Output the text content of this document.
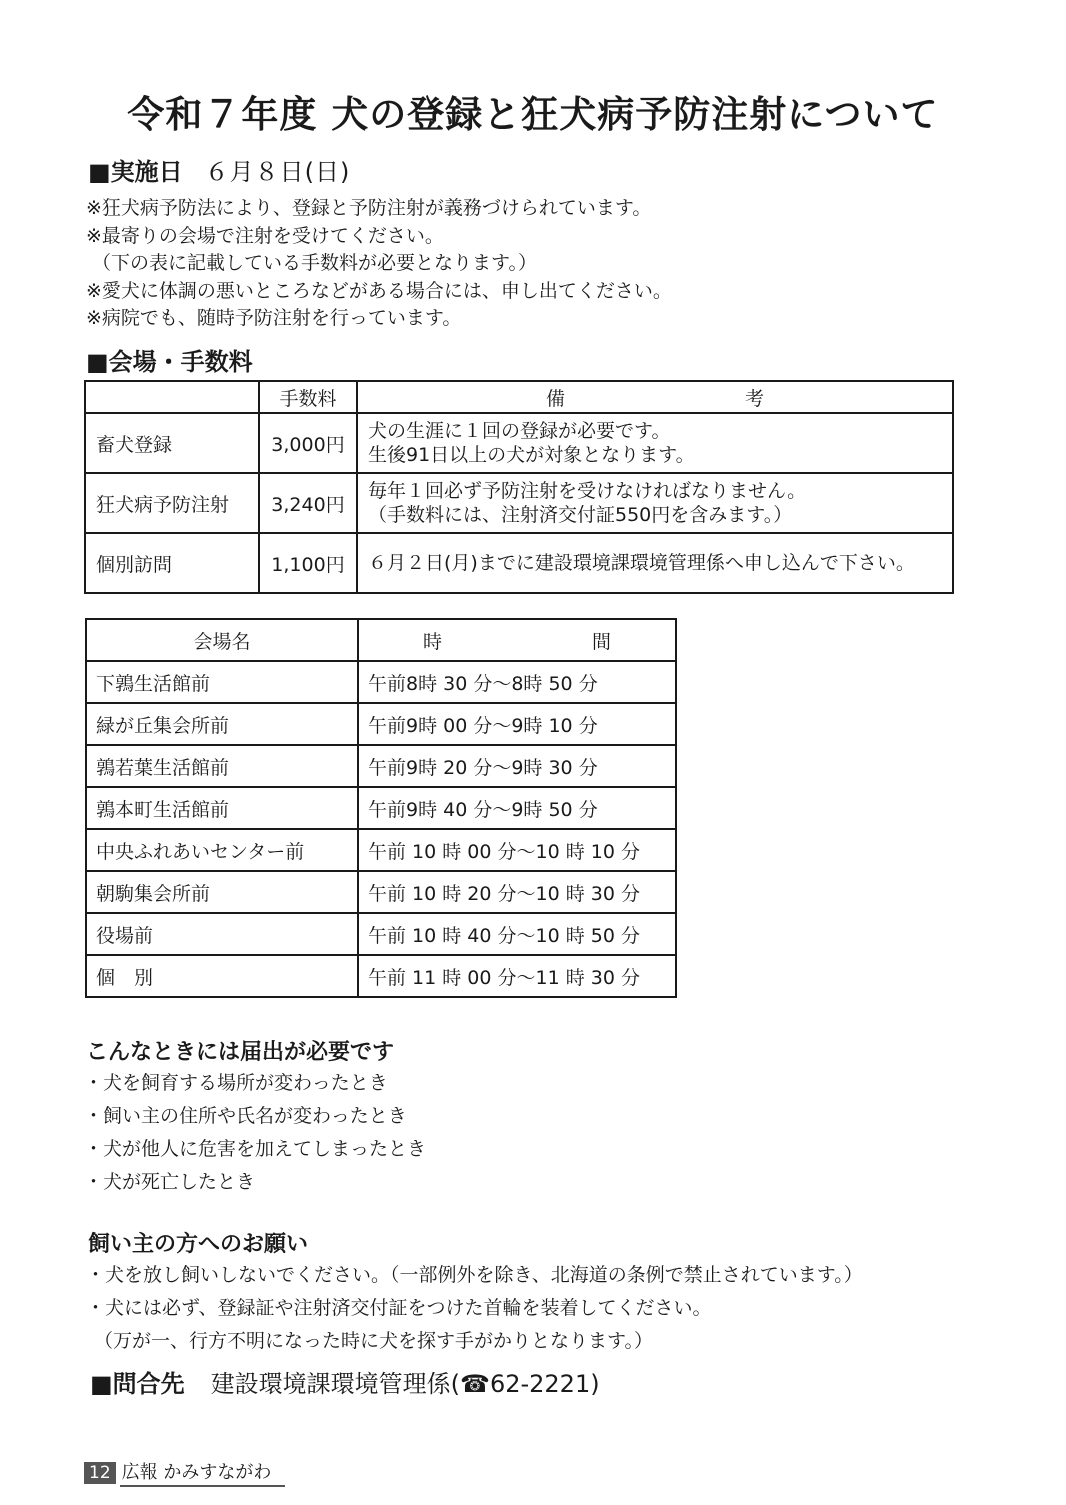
令和７年度 犬の登録と狂犬病予防注射について
■実施日 ６月８日(日)
※狂犬病予防法により、登録と予防注射が義務づけられています。
※最寄りの会場で注射を受けてください。
（下の表に記載している手数料が必要となります。）
※愛犬に体調の悪いところなどがある場合には、申し出てください。
※病院でも、随時予防注射を行っています。
■会場・手数料
	手数料	備 考
畜犬登録	3,000円	犬の生涯に１回の登録が必要です。
生後91日以上の犬が対象となります。

狂犬病予防注射	3,240円	毎年１回必ず予防注射を受けなければなりません。
（手数料には、注射済交付証550円を含みます。）

個別訪問	1,100円	６月２日(月)までに建設環境課環境管理係へ申し込んで下さい。
会場名	時 間
下鶉生活館前	午前8時 30 分～8時 50 分
緑が丘集会所前	午前9時 00 分～9時 10 分
鶉若葉生活館前	午前9時 20 分～9時 30 分
鶉本町生活館前	午前9時 40 分～9時 50 分
中央ふれあいセンター前	午前 10 時 00 分～10 時 10 分
朝駒集会所前	午前 10 時 20 分～10 時 30 分
役場前	午前 10 時 40 分～10 時 50 分
個　別	午前 11 時 00 分～11 時 30 分
こんなときには届出が必要です
・犬を飼育する場所が変わったとき
・飼い主の住所や氏名が変わったとき
・犬が他人に危害を加えてしまったとき
・犬が死亡したとき
飼い主の方へのお願い
・犬を放し飼いしないでください。（一部例外を除き、北海道の条例で禁止されています。）
・犬には必ず、登録証や注射済交付証をつけた首輪を装着してください。
（万が一、行方不明になった時に犬を探す手がかりとなります。）
■問合先 建設環境課環境管理係(☎62-2221)
12 広報 かみすながわ
